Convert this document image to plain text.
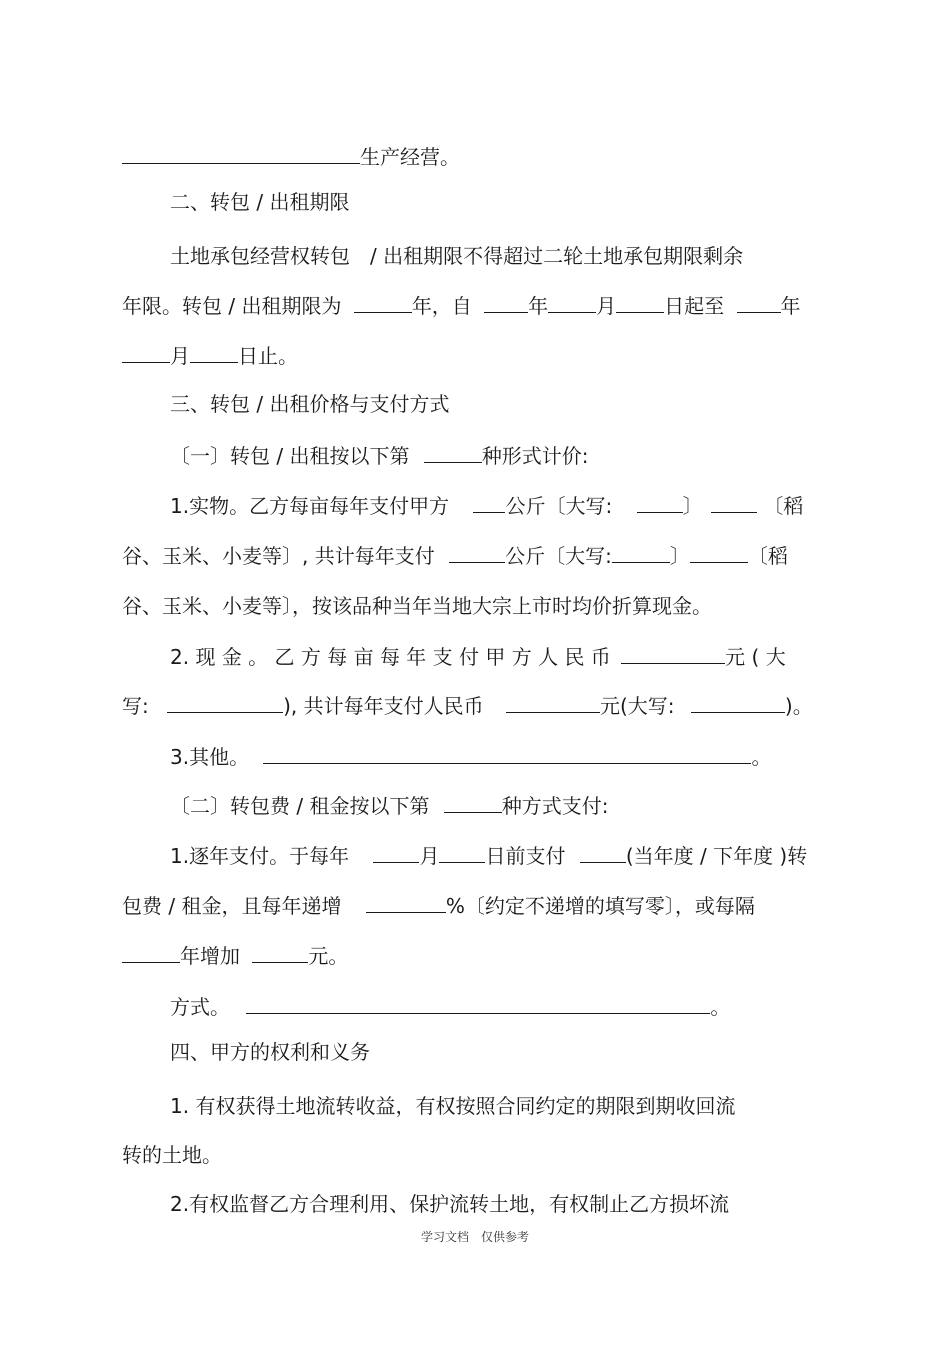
生产经营。
二、转包 / 出租期限
土地承包经营权转包　/ 出租期限不得超过二轮土地承包期限剩余
年限。转包 / 出租期限为	年，自	年 月 日起至	年
月 日止。
三、转包 / 出租价格与支付方式
〔一〕转包 / 出租按以下第	种形式计价:
1.实物。乙方每亩每年支付甲方	公斤〔大写:	〕	〔稻
谷、玉米、小麦等〕, 共计每年支付	公斤〔大写:	〕	〔稻
谷、玉米、小麦等〕，按该品种当年当地大宗上市时均价折算现金。
2. 现 金 。 乙 方 每 亩 每 年 支 付 甲 方 人 民 币	元 ( 大
写:	), 共计每年支付人民币	元(大写:	)。
3.其他。	。
〔二〕转包费 / 租金按以下第	种方式支付:
1.逐年支付。于每年	月 日前支付	(当年度 / 下年度 )转
包费 / 租金，且每年递增	%〔约定不递增的填写零〕，或每隔
年增加	元。
方式。	。
四、甲方的权利和义务
1. 有权获得土地流转收益，有权按照合同约定的期限到期收回流
转的土地。
2.有权监督乙方合理利用、保护流转土地，有权制止乙方损坏流
学习文档　仅供参考
